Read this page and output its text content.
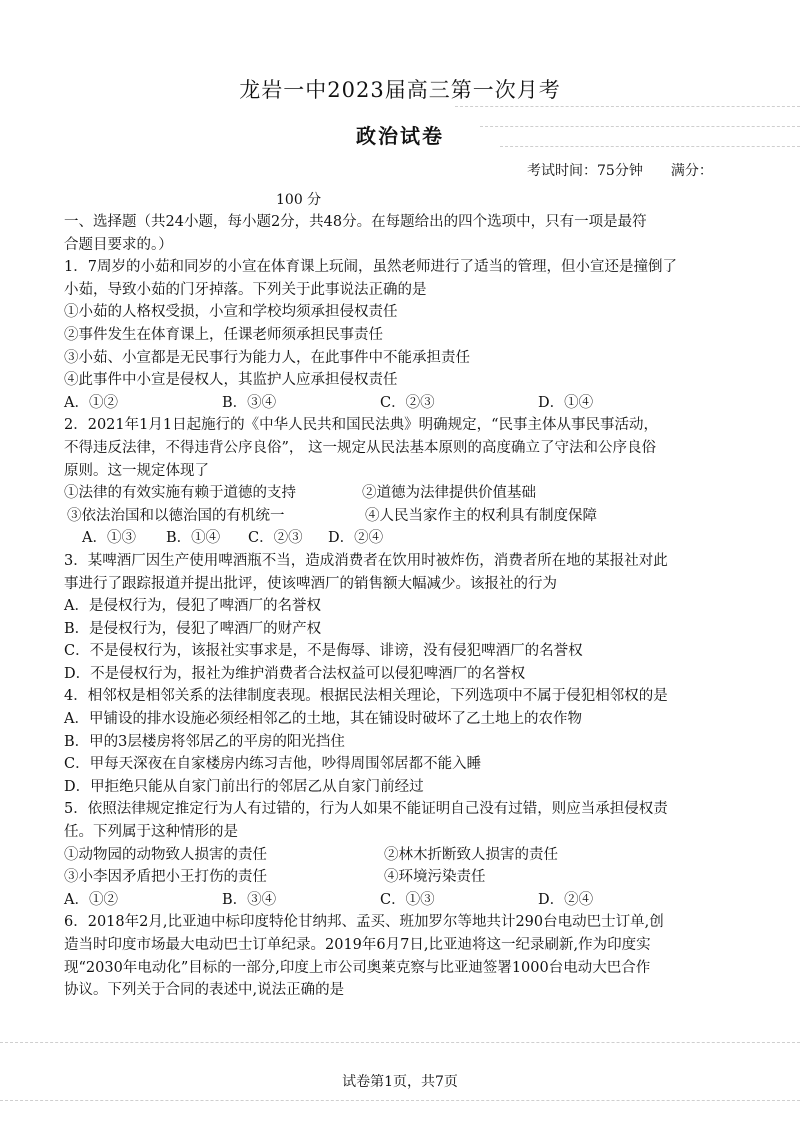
龙岩一中2023届高三第一次月考
政治试卷
考试时间：75分钟 满分：
100 分
一、选择题（共24小题，每小题2分，共48分。在每题给出的四个选项中，只有一项是最符
合题目要求的。）
1．7周岁的小茹和同岁的小宣在体育课上玩闹，虽然老师进行了适当的管理，但小宣还是撞倒了
小茹，导致小茹的门牙掉落。下列关于此事说法正确的是
①小茹的人格权受损，小宣和学校均须承担侵权责任
②事件发生在体育课上，任课老师须承担民事责任
③小茹、小宣都是无民事行为能力人，在此事件中不能承担责任
④此事件中小宣是侵权人，其监护人应承担侵权责任
A．①②	B．③④	C．②③	D．①④
2．2021年1月1日起施行的《中华人民共和国民法典》明确规定，“民事主体从事民事活动，
不得违反法律，不得违背公序良俗”， 这一规定从民法基本原则的高度确立了守法和公序良俗
原则。这一规定体现了
①法律的有效实施有赖于道德的支持	②道德为法律提供价值基础
③依法治国和以德治国的有机统一	④人民当家作主的权利具有制度保障
A．①③	B．①④	C．②③	D．②④
3．某啤酒厂因生产使用啤酒瓶不当，造成消费者在饮用时被炸伤，消费者所在地的某报社对此
事进行了跟踪报道并提出批评，使该啤酒厂的销售额大幅减少。该报社的行为
A．是侵权行为，侵犯了啤酒厂的名誉权
B．是侵权行为，侵犯了啤酒厂的财产权
C．不是侵权行为，该报社实事求是，不是侮辱、诽谤，没有侵犯啤酒厂的名誉权
D．不是侵权行为，报社为维护消费者合法权益可以侵犯啤酒厂的名誉权
4．相邻权是相邻关系的法律制度表现。根据民法相关理论，下列选项中不属于侵犯相邻权的是
A．甲铺设的排水设施必须经相邻乙的土地，其在铺设时破坏了乙土地上的农作物
B．甲的3层楼房将邻居乙的平房的阳光挡住
C．甲每天深夜在自家楼房内练习吉他，吵得周围邻居都不能入睡
D．甲拒绝只能从自家门前出行的邻居乙从自家门前经过
5．依照法律规定推定行为人有过错的，行为人如果不能证明自己没有过错，则应当承担侵权责
任。下列属于这种情形的是
①动物园的动物致人损害的责任	②林木折断致人损害的责任
③小李因矛盾把小王打伤的责任	④环境污染责任
A．①②	B．③④	C．①③	D．②④
6．2018年2月,比亚迪中标印度特伦甘纳邦、孟买、班加罗尔等地共计290台电动巴士订单,创
造当时印度市场最大电动巴士订单纪录。2019年6月7日,比亚迪将这一纪录刷新,作为印度实
现“2030年电动化”目标的一部分,印度上市公司奥莱克察与比亚迪签署1000台电动大巴合作
协议。下列关于合同的表述中,说法正确的是
试卷第1页，共7页
